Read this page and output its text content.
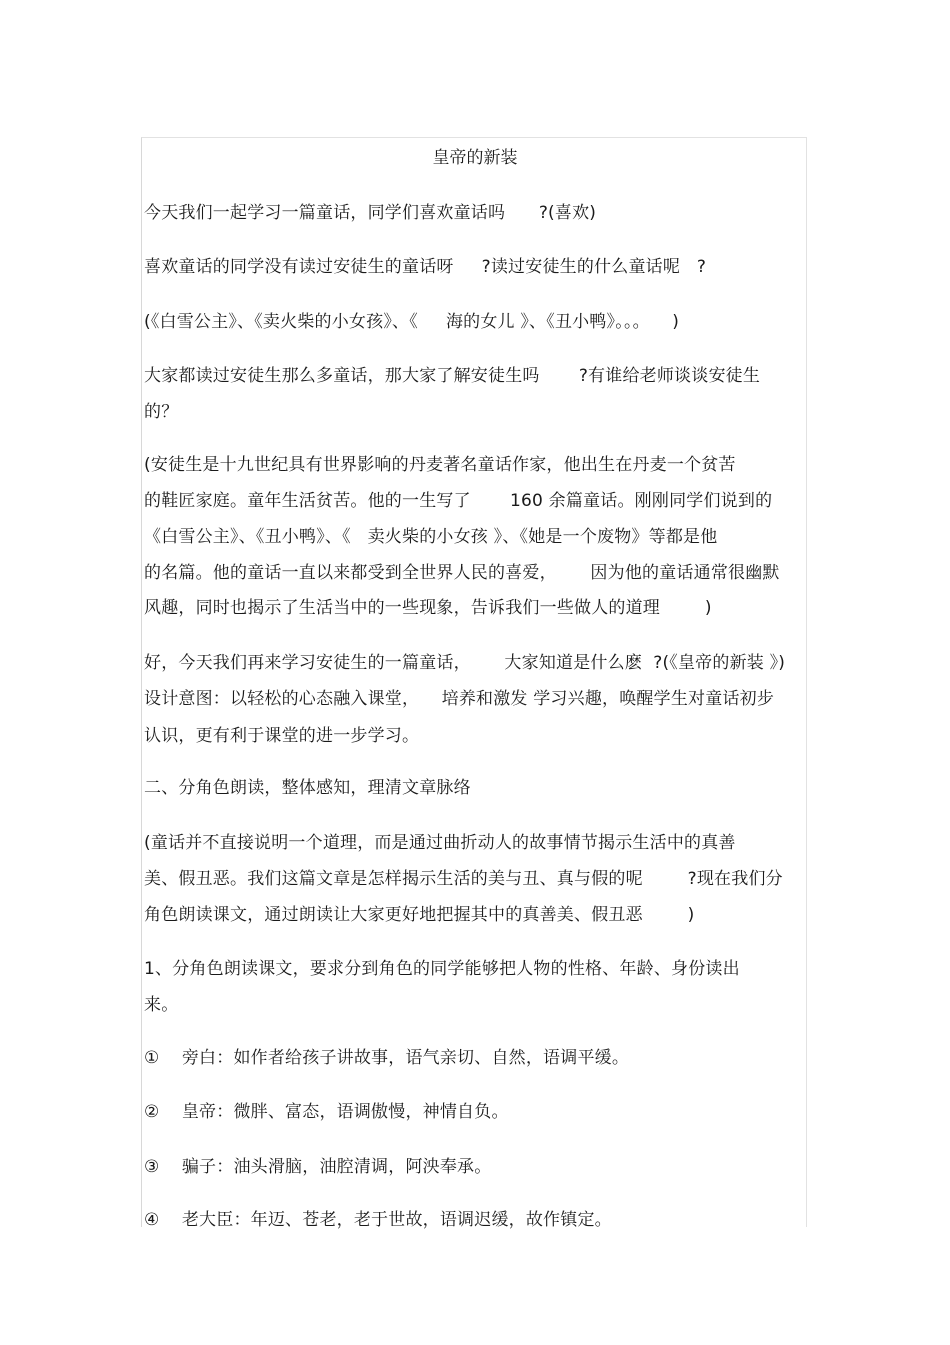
皇帝的新装
今天我们一起学习一篇童话，同学们喜欢童话吗      ?(喜欢)
喜欢童话的同学没有读过安徒生的童话呀     ?读过安徒生的什么童话呢   ?
(《白雪公主》、《卖火柴的小女孩》、《     海的女儿 》、《丑小鸭》。。。    )
大家都读过安徒生那么多童话，那大家了解安徒生吗       ?有谁给老师谈谈安徒生
的？
(安徒生是十九世纪具有世界影响的丹麦著名童话作家，他出生在丹麦一个贫苦
的鞋匠家庭。童年生活贫苦。他的一生写了       160 余篇童话。刚刚同学们说到的
《白雪公主》、《丑小鸭》、《   卖火柴的小女孩 》、《她是一个废物》等都是他
的名篇。他的童话一直以来都受到全世界人民的喜爱，      因为他的童话通常很幽默
风趣，同时也揭示了生活当中的一些现象，告诉我们一些做人的道理        )
好，今天我们再来学习安徒生的一篇童话，      大家知道是什么麽  ?(《皇帝的新装 》)
设计意图：以轻松的心态融入课堂，    培养和激发 学习兴趣，唤醒学生对童话初步
认识，更有利于课堂的进一步学习。
二、分角色朗读，整体感知，理清文章脉络
(童话并不直接说明一个道理，而是通过曲折动人的故事情节揭示生活中的真善
美、假丑恶。我们这篇文章是怎样揭示生活的美与丑、真与假的呢        ?现在我们分
角色朗读课文，通过朗读让大家更好地把握其中的真善美、假丑恶        )
1、分角色朗读课文，要求分到角色的同学能够把人物的性格、年龄、身份读出
来。
①    旁白：如作者给孩子讲故事，语气亲切、自然，语调平缓。
②    皇帝：微胖、富态，语调傲慢，神情自负。
③    骗子：油头滑脑，油腔清调，阿泱奉承。
④    老大臣：年迈、苍老，老于世故，语调迟缓，故作镇定。
